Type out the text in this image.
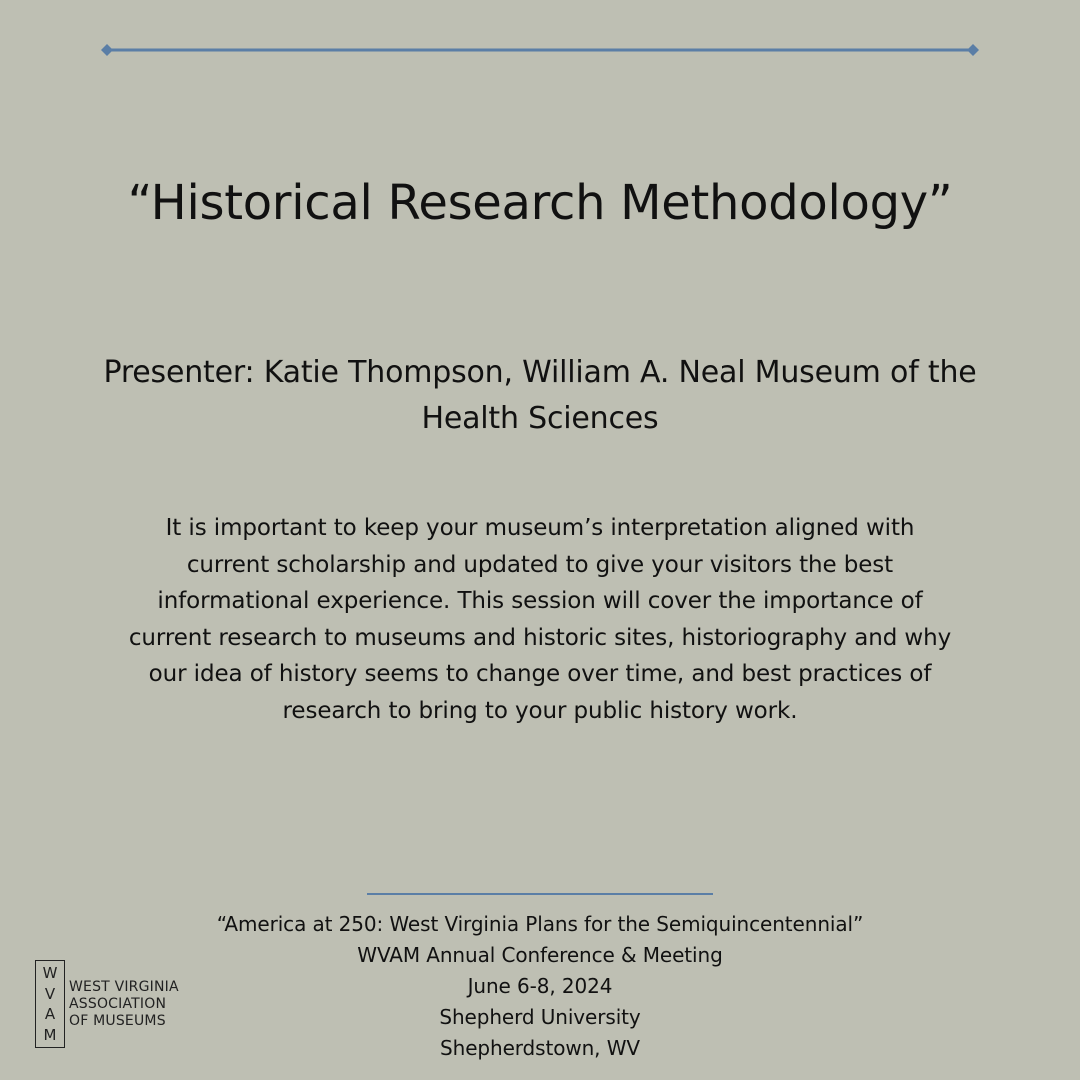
“Historical Research Methodology”
Presenter: Katie Thompson, William A. Neal Museum of the
Health Sciences
It is important to keep your museum’s interpretation aligned with
current scholarship and updated to give your visitors the best
informational experience. This session will cover the importance of
current research to museums and historic sites, historiography and why
our idea of history seems to change over time, and best practices of
research to bring to your public history work.
“America at 250: West Virginia Plans for the Semiquincentennial”
WVAM Annual Conference & Meeting
June 6-8, 2024
Shepherd University
Shepherdstown, WV
W
V
A
M
WEST VIRGINIA
ASSOCIATION
OF MUSEUMS
